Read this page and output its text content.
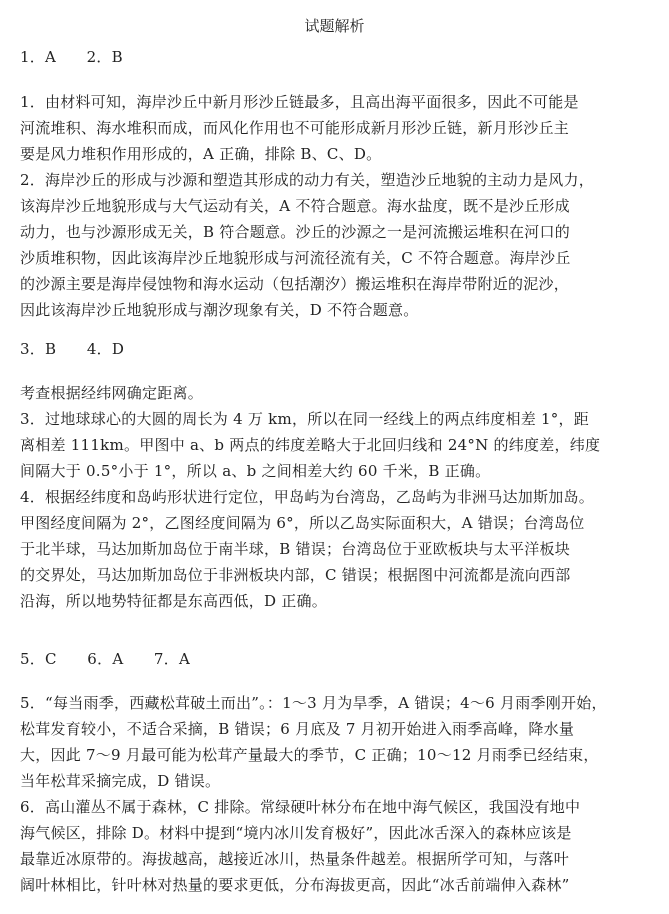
试题解析
1．A　　2．B
1．由材料可知，海岸沙丘中新月形沙丘链最多，且高出海平面很多，因此不可能是
河流堆积、海水堆积而成，而风化作用也不可能形成新月形沙丘链，新月形沙丘主
要是风力堆积作用形成的，A 正确，排除 B、C、D。
2．海岸沙丘的形成与沙源和塑造其形成的动力有关，塑造沙丘地貌的主动力是风力，
该海岸沙丘地貌形成与大气运动有关，A 不符合题意。海水盐度，既不是沙丘形成
动力，也与沙源形成无关，B 符合题意。沙丘的沙源之一是河流搬运堆积在河口的
沙质堆积物，因此该海岸沙丘地貌形成与河流径流有关，C 不符合题意。海岸沙丘
的沙源主要是海岸侵蚀物和海水运动（包括潮汐）搬运堆积在海岸带附近的泥沙，
因此该海岸沙丘地貌形成与潮汐现象有关，D 不符合题意。
3．B　　4．D
考查根据经纬网确定距离。
3．过地球球心的大圆的周长为 4 万 km，所以在同一经线上的两点纬度相差 1°，距
离相差 111km。甲图中 a、b 两点的纬度差略大于北回归线和 24°N 的纬度差，纬度
间隔大于 0.5°小于 1°，所以 a、b 之间相差大约 60 千米，B 正确。
4．根据经纬度和岛屿形状进行定位，甲岛屿为台湾岛，乙岛屿为非洲马达加斯加岛。
甲图经度间隔为 2°，乙图经度间隔为 6°，所以乙岛实际面积大，A 错误；台湾岛位
于北半球，马达加斯加岛位于南半球，B 错误；台湾岛位于亚欧板块与太平洋板块
的交界处，马达加斯加岛位于非洲板块内部，C 错误；根据图中河流都是流向西部
沿海，所以地势特征都是东高西低，D 正确。
5．C　　6．A　　7．A
5．“每当雨季，西藏松茸破土而出”。：1～3 月为旱季，A 错误；4～6 月雨季刚开始，
松茸发育较小，不适合采摘，B 错误；6 月底及 7 月初开始进入雨季高峰，降水量
大，因此 7～9 月最可能为松茸产量最大的季节，C 正确；10～12 月雨季已经结束，
当年松茸采摘完成，D 错误。
6．高山灌丛不属于森林，C 排除。常绿硬叶林分布在地中海气候区，我国没有地中
海气候区，排除 D。材料中提到“境内冰川发育极好”，因此冰舌深入的森林应该是
最靠近冰原带的。海拔越高，越接近冰川，热量条件越差。根据所学可知，与落叶
阔叶林相比，针叶林对热量的要求更低，分布海拔更高，因此“冰舌前端伸入森林”
